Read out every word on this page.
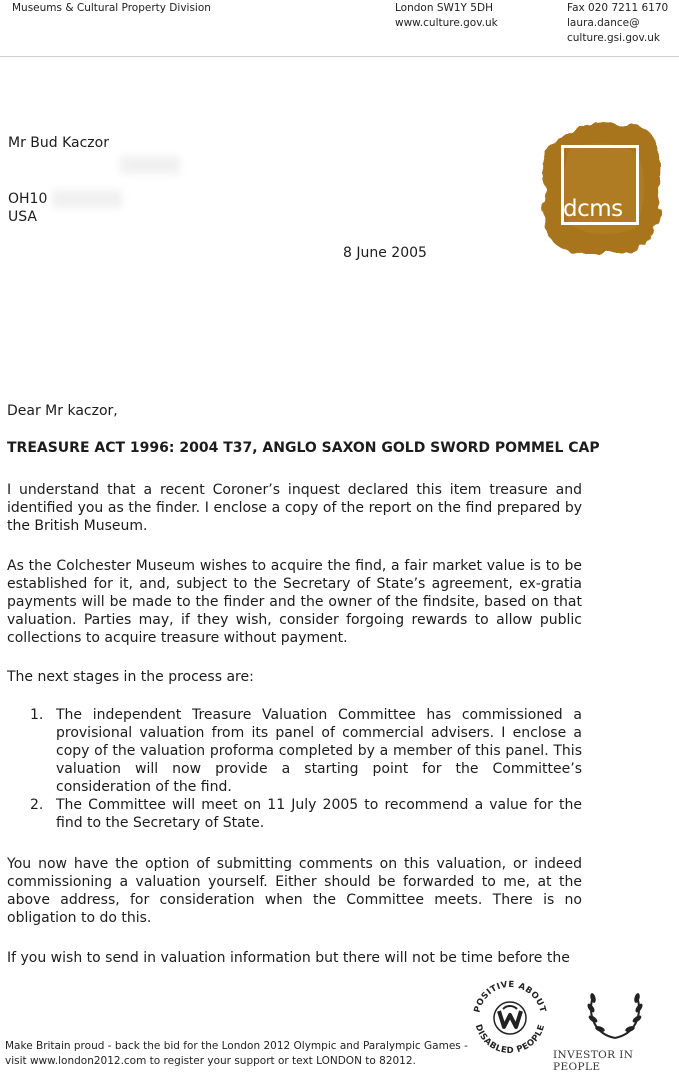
Museums & Cultural Property Division	London SW1Y 5DH
www.culture.gov.uk
Fax 020 7211 6170
laura.dance@
culture.gsi.gov.uk
dcms
Mr Bud Kaczor
OH10
USA
8 June 2005
Dear Mr kaczor,
TREASURE ACT 1996: 2004 T37, ANGLO SAXON GOLD SWORD POMMEL CAP
I understand that a recent Coroner’s inquest declared this item treasure and identified you as the finder. I enclose a copy of the report on the find prepared by the British Museum.
As the Colchester Museum wishes to acquire the find, a fair market value is to be established for it, and, subject to the Secretary of State’s agreement, ex-gratia payments will be made to the finder and the owner of the findsite, based on that valuation. Parties may, if they wish, consider forgoing rewards to allow public collections to acquire treasure without payment.
The next stages in the process are:
1. The independent Treasure Valuation Committee has commissioned a provisional valuation from its panel of commercial advisers. I enclose a copy of the valuation proforma completed by a member of this panel. This valuation will now provide a starting point for the Committee’s consideration of the find.
2. The Committee will meet on 11 July 2005 to recommend a value for the find to the Secretary of State.
You now have the option of submitting comments on this valuation, or indeed commissioning a valuation yourself. Either should be forwarded to me, at the above address, for consideration when the Committee meets. There is no obligation to do this.
If you wish to send in valuation information but there will not be time before the
Make Britain proud - back the bid for the London 2012 Olympic and Paralympic Games -
visit www.london2012.com to register your support or text LONDON to 82012.
POSITIVE ABOUT
DISABLED PEOPLE
INVESTOR IN PEOPLE
